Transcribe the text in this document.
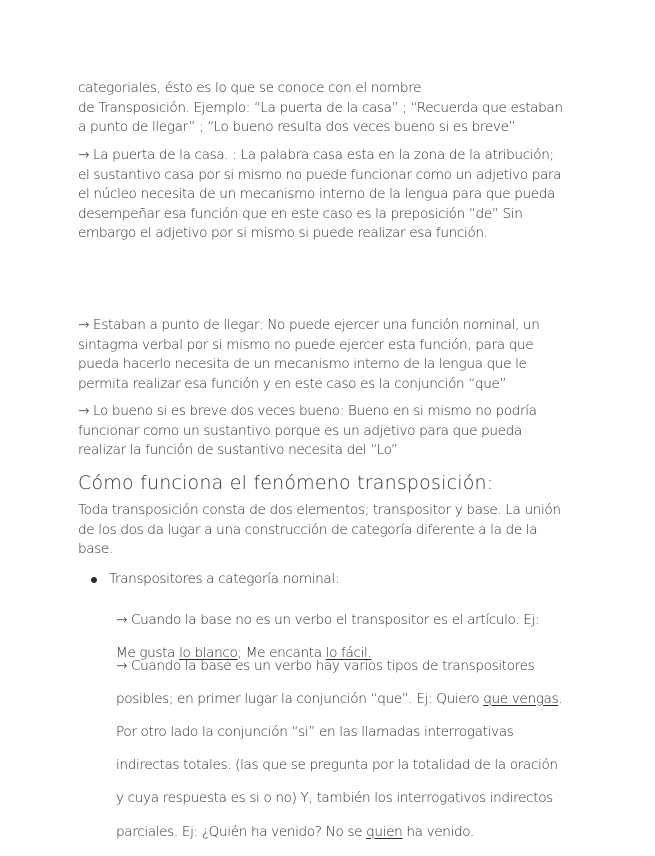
categoriales, ésto es lo que se conoce con el nombre

de Transposición. Ejemplo: “La puerta de la casa” ; “Recuerda que estaban

a punto de llegar” ; “Lo bueno resulta dos veces bueno si es breve”

→ La puerta de la casa. : La palabra casa esta en la zona de la atribución;

el sustantivo casa por si mismo no puede funcionar como un adjetivo para

el núcleo necesita de un mecanismo interno de la lengua para que pueda

desempeñar esa función que en este caso es la preposición “de” Sin

embargo el adjetivo por si mismo si puede realizar esa función.

→ Estaban a punto de llegar: No puede ejercer una función nominal, un

sintagma verbal por si mismo no puede ejercer esta función, para que

pueda hacerlo necesita de un mecanismo interno de la lengua que le

permita realizar esa función y en este caso es la conjunción “que”

→ Lo bueno si es breve dos veces bueno: Bueno en si mismo no podría

funcionar como un sustantivo porque es un adjetivo para que pueda

realizar la función de sustantivo necesita del “Lo”

Cómo funciona el fenómeno transposición:

Toda transposición consta de dos elementos; transpositor y base. La unión

de los dos da lugar a una construcción de categoría diferente a la de la

base.

Transpositores a categoría nominal:

→ Cuando la base no es un verbo el transpositor es el artículo. Ej:

Me gusta lo blanco; Me encanta lo fácil.

→ Cuando la base es un verbo hay varios tipos de transpositores

posibles; en primer lugar la conjunción “que”. Ej: Quiero que vengas.

Por otro lado la conjunción “si” en las llamadas interrogativas

indirectas totales. (las que se pregunta por la totalidad de la oración

y cuya respuesta es si o no) Y, también los interrogativos indirectos

parciales. Ej: ¿Quién ha venido? No se quien ha venido.
